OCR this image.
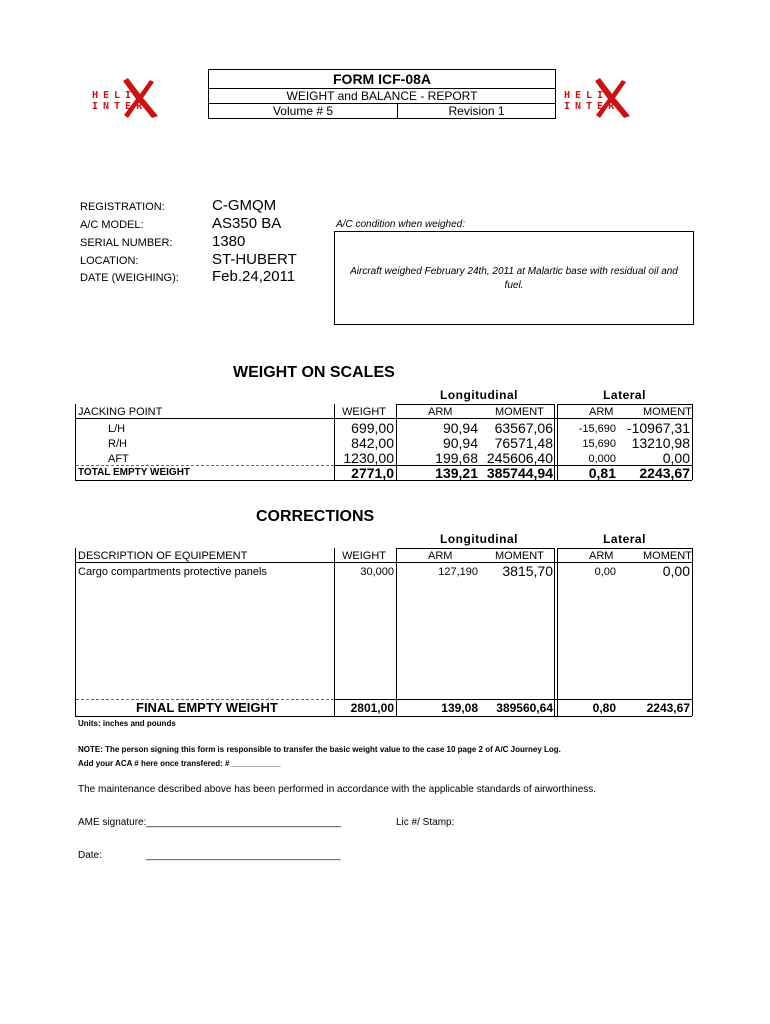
HELI INTER
HELI INTER
FORM ICF-08A
WEIGHT and BALANCE - REPORT
Volume # 5	Revision 1
REGISTRATION:	C-GMQM
A/C MODEL:	AS350 BA
SERIAL NUMBER:	1380
LOCATION:	ST-HUBERT
DATE (WEIGHING): Feb.24,2011
A/C condition when weighed:
Aircraft weighed February 24th, 2011 at Malartic base with residual oil and fuel.
WEIGHT ON SCALES
Longitudinal	Lateral
JACKING POINT	WEIGHT	ARM	MOMENT	ARM	MOMENT
L/H	699,00	90,94	63567,06	-15,690 -10967,31
R/H	842,00	90,94	76571,48	15,690	13210,98
AFT	1230,00	199,68 245606,40	0,000	0,00
TOTAL EMPTY WEIGHT	2771,0	139,21 385744,94	0,81	2243,67
CORRECTIONS
Longitudinal	Lateral
DESCRIPTION OF EQUIPEMENT	WEIGHT	ARM	MOMENT	ARM	MOMENT
Cargo compartments protective panels	30,000	127,190	3815,70	0,00	0,00
FINAL EMPTY WEIGHT	2801,00	139,08	389560,64	0,80	2243,67
Units: inches and pounds
NOTE: The person signing this form is responsible to transfer the basic weight value to the case 10 page 2 of A/C Journey Log.
Add your ACA # here once transfered: # ___________
The maintenance described above has been performed in accordance with the applicable standards of airworthiness.
AME signature:___________________________________	Lic #/ Stamp:
Date:	___________________________________
